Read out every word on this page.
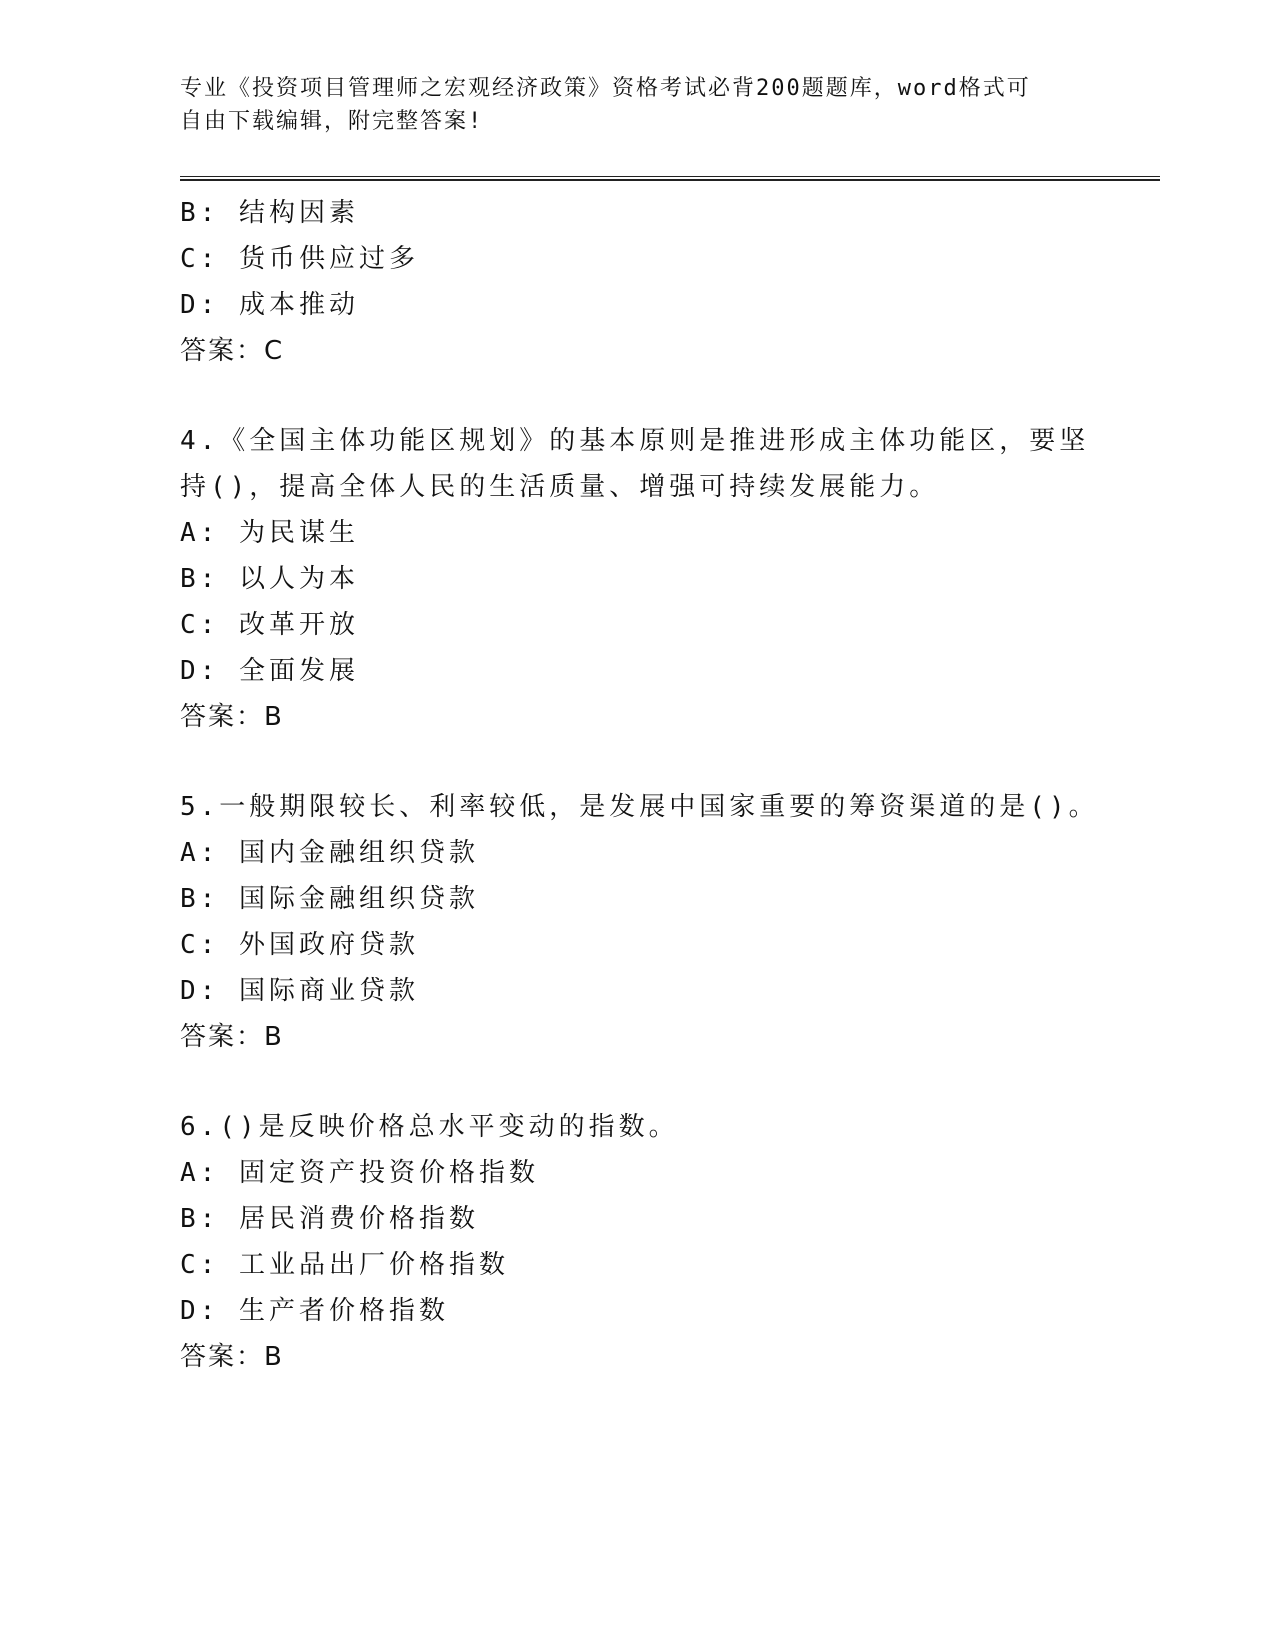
专业《投资项目管理师之宏观经济政策》资格考试必背200题题库，word格式可
自由下载编辑，附完整答案!
B: 结构因素
C: 货币供应过多
D: 成本推动
答案：C
4.《全国主体功能区规划》的基本原则是推进形成主体功能区，要坚
持()，提高全体人民的生活质量、增强可持续发展能力。
A: 为民谋生
B: 以人为本
C: 改革开放
D: 全面发展
答案：B
5.一般期限较长、利率较低，是发展中国家重要的筹资渠道的是()。
A: 国内金融组织贷款
B: 国际金融组织贷款
C: 外国政府贷款
D: 国际商业贷款
答案：B
6.()是反映价格总水平变动的指数。
A: 固定资产投资价格指数
B: 居民消费价格指数
C: 工业品出厂价格指数
D: 生产者价格指数
答案：B
